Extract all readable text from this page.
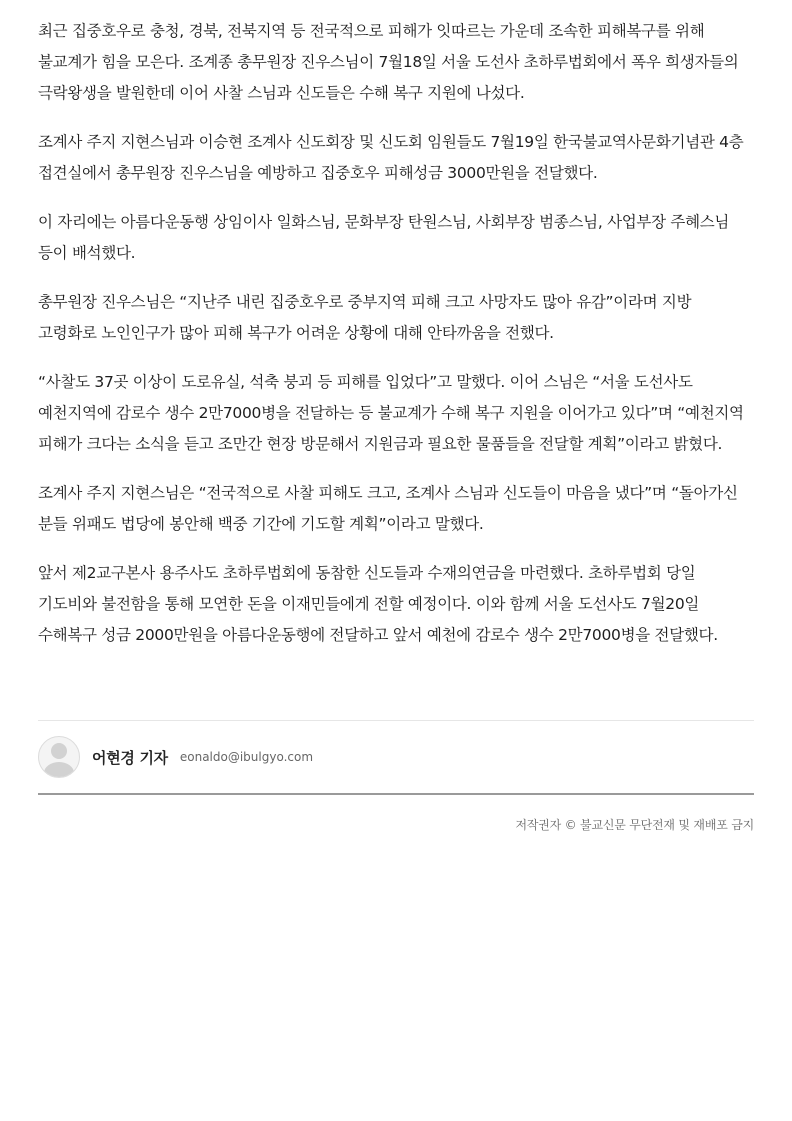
최근 집중호우로 충청, 경북, 전북지역 등 전국적으로 피해가 잇따르는 가운데 조속한 피해복구를 위해 불교계가 힘을 모은다. 조계종 총무원장 진우스님이 7월18일 서울 도선사 초하루법회에서 폭우 희생자들의 극락왕생을 발원한데 이어 사찰 스님과 신도들은 수해 복구 지원에 나섰다.

조계사 주지 지현스님과 이승현 조계사 신도회장 및 신도회 임원들도 7월19일 한국불교역사문화기념관 4층 접견실에서 총무원장 진우스님을 예방하고 집중호우 피해성금 3000만원을 전달했다.

이 자리에는 아름다운동행 상임이사 일화스님, 문화부장 탄원스님, 사회부장 범종스님, 사업부장 주혜스님 등이 배석했다.

총무원장 진우스님은 “지난주 내린 집중호우로 중부지역 피해 크고 사망자도 많아 유감”이라며 지방 고령화로 노인인구가 많아 피해 복구가 어려운 상황에 대해 안타까움을 전했다.

“사찰도 37곳 이상이 도로유실, 석축 붕괴 등 피해를 입었다”고 말했다. 이어 스님은 “서울 도선사도 예천지역에 감로수 생수 2만7000병을 전달하는 등 불교계가 수해 복구 지원을 이어가고 있다”며 “예천지역 피해가 크다는 소식을 듣고 조만간 현장 방문해서 지원금과 필요한 물품들을 전달할 계획”이라고 밝혔다.

조계사 주지 지현스님은 “전국적으로 사찰 피해도 크고, 조계사 스님과 신도들이 마음을 냈다”며 “돌아가신 분들 위패도 법당에 봉안해 백중 기간에 기도할 계획”이라고 말했다.

앞서 제2교구본사 용주사도 초하루법회에 동참한 신도들과 수재의연금을 마련했다. 초하루법회 당일 기도비와 불전함을 통해 모연한 돈을 이재민들에게 전할 예정이다. 이와 함께 서울 도선사도 7월20일 수해복구 성금 2000만원을 아름다운동행에 전달하고 앞서 예천에 감로수 생수 2만7000병을 전달했다.

어현경 기자 eonaldo@ibulgyo.com
저작권자 © 불교신문 무단전재 및 재배포 금지
